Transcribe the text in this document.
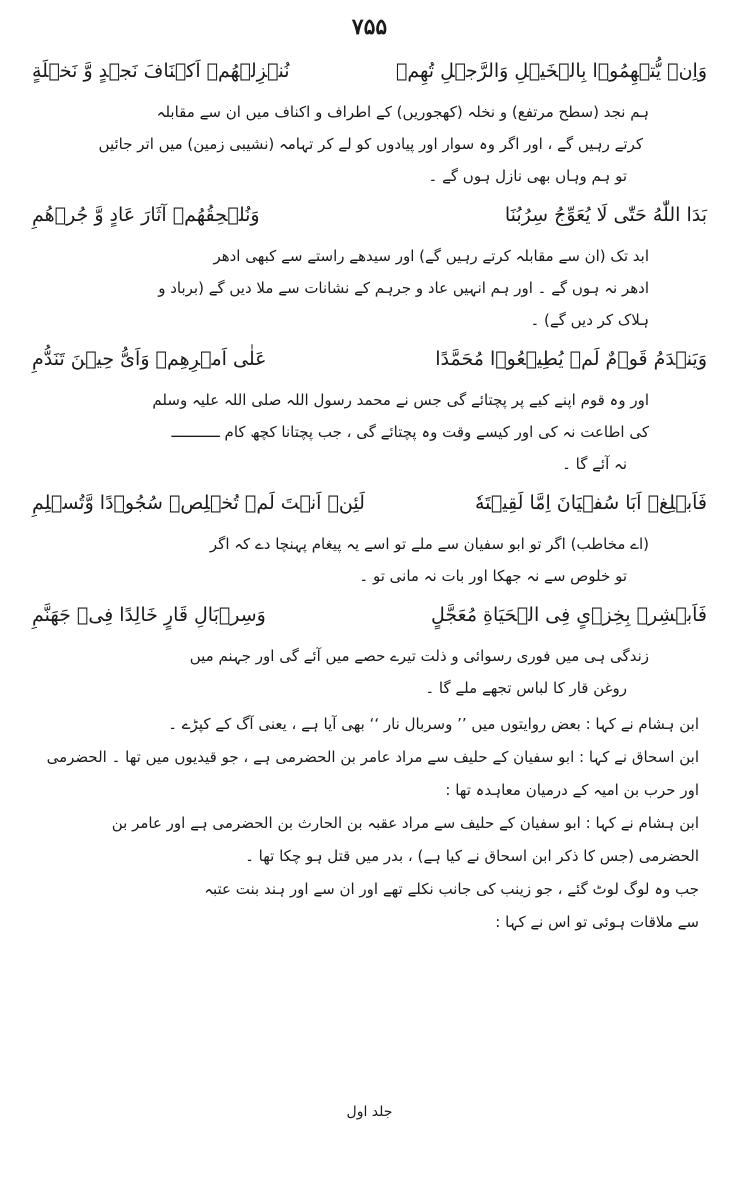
۷۵۵
وَاِنۡ یُّتۡهِمُوۡا بِالۡخَیۡلِ وَالرَّجۡلِ تُھِمۡ
نُنۡزِلۡهُمۡ اَکۡنَافَ نَجۡدٍ وَّ نَخۡلَةٍ
ہم نجد (سطح مرتفع) و نخلہ (کھجوریں) کے اطراف و اکناف میں ان سے مقابلہ
کرتے رہیں گے ، اور اگر وہ سوار اور پیادوں کو لے کر تہامہ (نشیبی زمین) میں اتر جائیں
تو ہم وہاں بھی نازل ہوں گے ۔
بَدَا اللّٰهُ حَتّٰی لَا یُعَوِّجُ سِرُبُنَا
وَنُلۡحِقُهُمۡ آثَارَ عَادٍ وَّ جُرۡهُمِ
ابد تک (ان سے مقابلہ کرتے رہیں گے) اور سیدھے راستے سے کبھی ادھر
ادھر نہ ہوں گے ۔ اور ہم انہیں عاد و جرہم کے نشانات سے ملا دیں گے (برباد و
ہلاک کر دیں گے) ۔
وَیَنۡدَمُ قَوۡمٌ لَمۡ یُطِیۡعُوۡا مُحَمَّدًا
عَلٰی اَمۡرِهِمۡ وَاَیُّ حِیۡنَ تَنَدُّمِ
اور وہ قوم اپنے کیے پر پچتائے گی جس نے محمد رسول اللہ صلی اللہ علیہ وسلم
کی اطاعت نہ کی اور کیسے وقت وہ پچتائے گی ، جب پچتانا کچھ کام ـــــــــــ
نہ آئے گا ۔
فَاَبۡلِغۡ اَبَا سُفۡیَانَ اِمَّا لَقِیۡتَهٗ
لَئِنۡ اَنۡتَ لَمۡ تُخۡلِصۡ سُجُوۡدًا وَّتُسۡلِمِ
(اے مخاطب) اگر تو ابو سفیان سے ملے تو اسے یہ پیغام پہنچا دے کہ اگر
تو خلوص سے نہ جھکا اور بات نہ مانی تو ۔
فَاَبۡشِرۡ بِخِزۡیٍ فِی الۡحَیَاةِ مُعَجَّلٍ
وَسِرۡبَالِ قَارٍ خَالِدًا فِیۡ جَهَنَّمِ
زندگی ہی میں فوری رسوائی و ذلت تیرے حصے میں آئے گی اور جہنم میں
روغن قار کا لباس تجھے ملے گا ۔
ابن ہشام نے کہا : بعض روایتوں میں ’’ وسربال نار ‘‘ بھی آیا ہے ، یعنی آگ کے کپڑے ۔
ابن اسحاق نے کہا : ابو سفیان کے حلیف سے مراد عامر بن الحضرمی ہے ، جو قیدیوں میں تھا ۔ الحضرمی
اور حرب بن امیہ کے درمیان معاہدہ تھا :
ابن ہشام نے کہا : ابو سفیان کے حلیف سے مراد عقبہ بن الحارث بن الحضرمی ہے اور عامر بن
الحضرمی (جس کا ذکر ابن اسحاق نے کیا ہے) ، بدر میں قتل ہو چکا تھا ۔
جب وہ لوگ لوٹ گئے ، جو زینب کی جانب نکلے تھے اور ان سے اور ہند بنت عتبہ
سے ملاقات ہوئی تو اس نے کہا :
جلد اول
